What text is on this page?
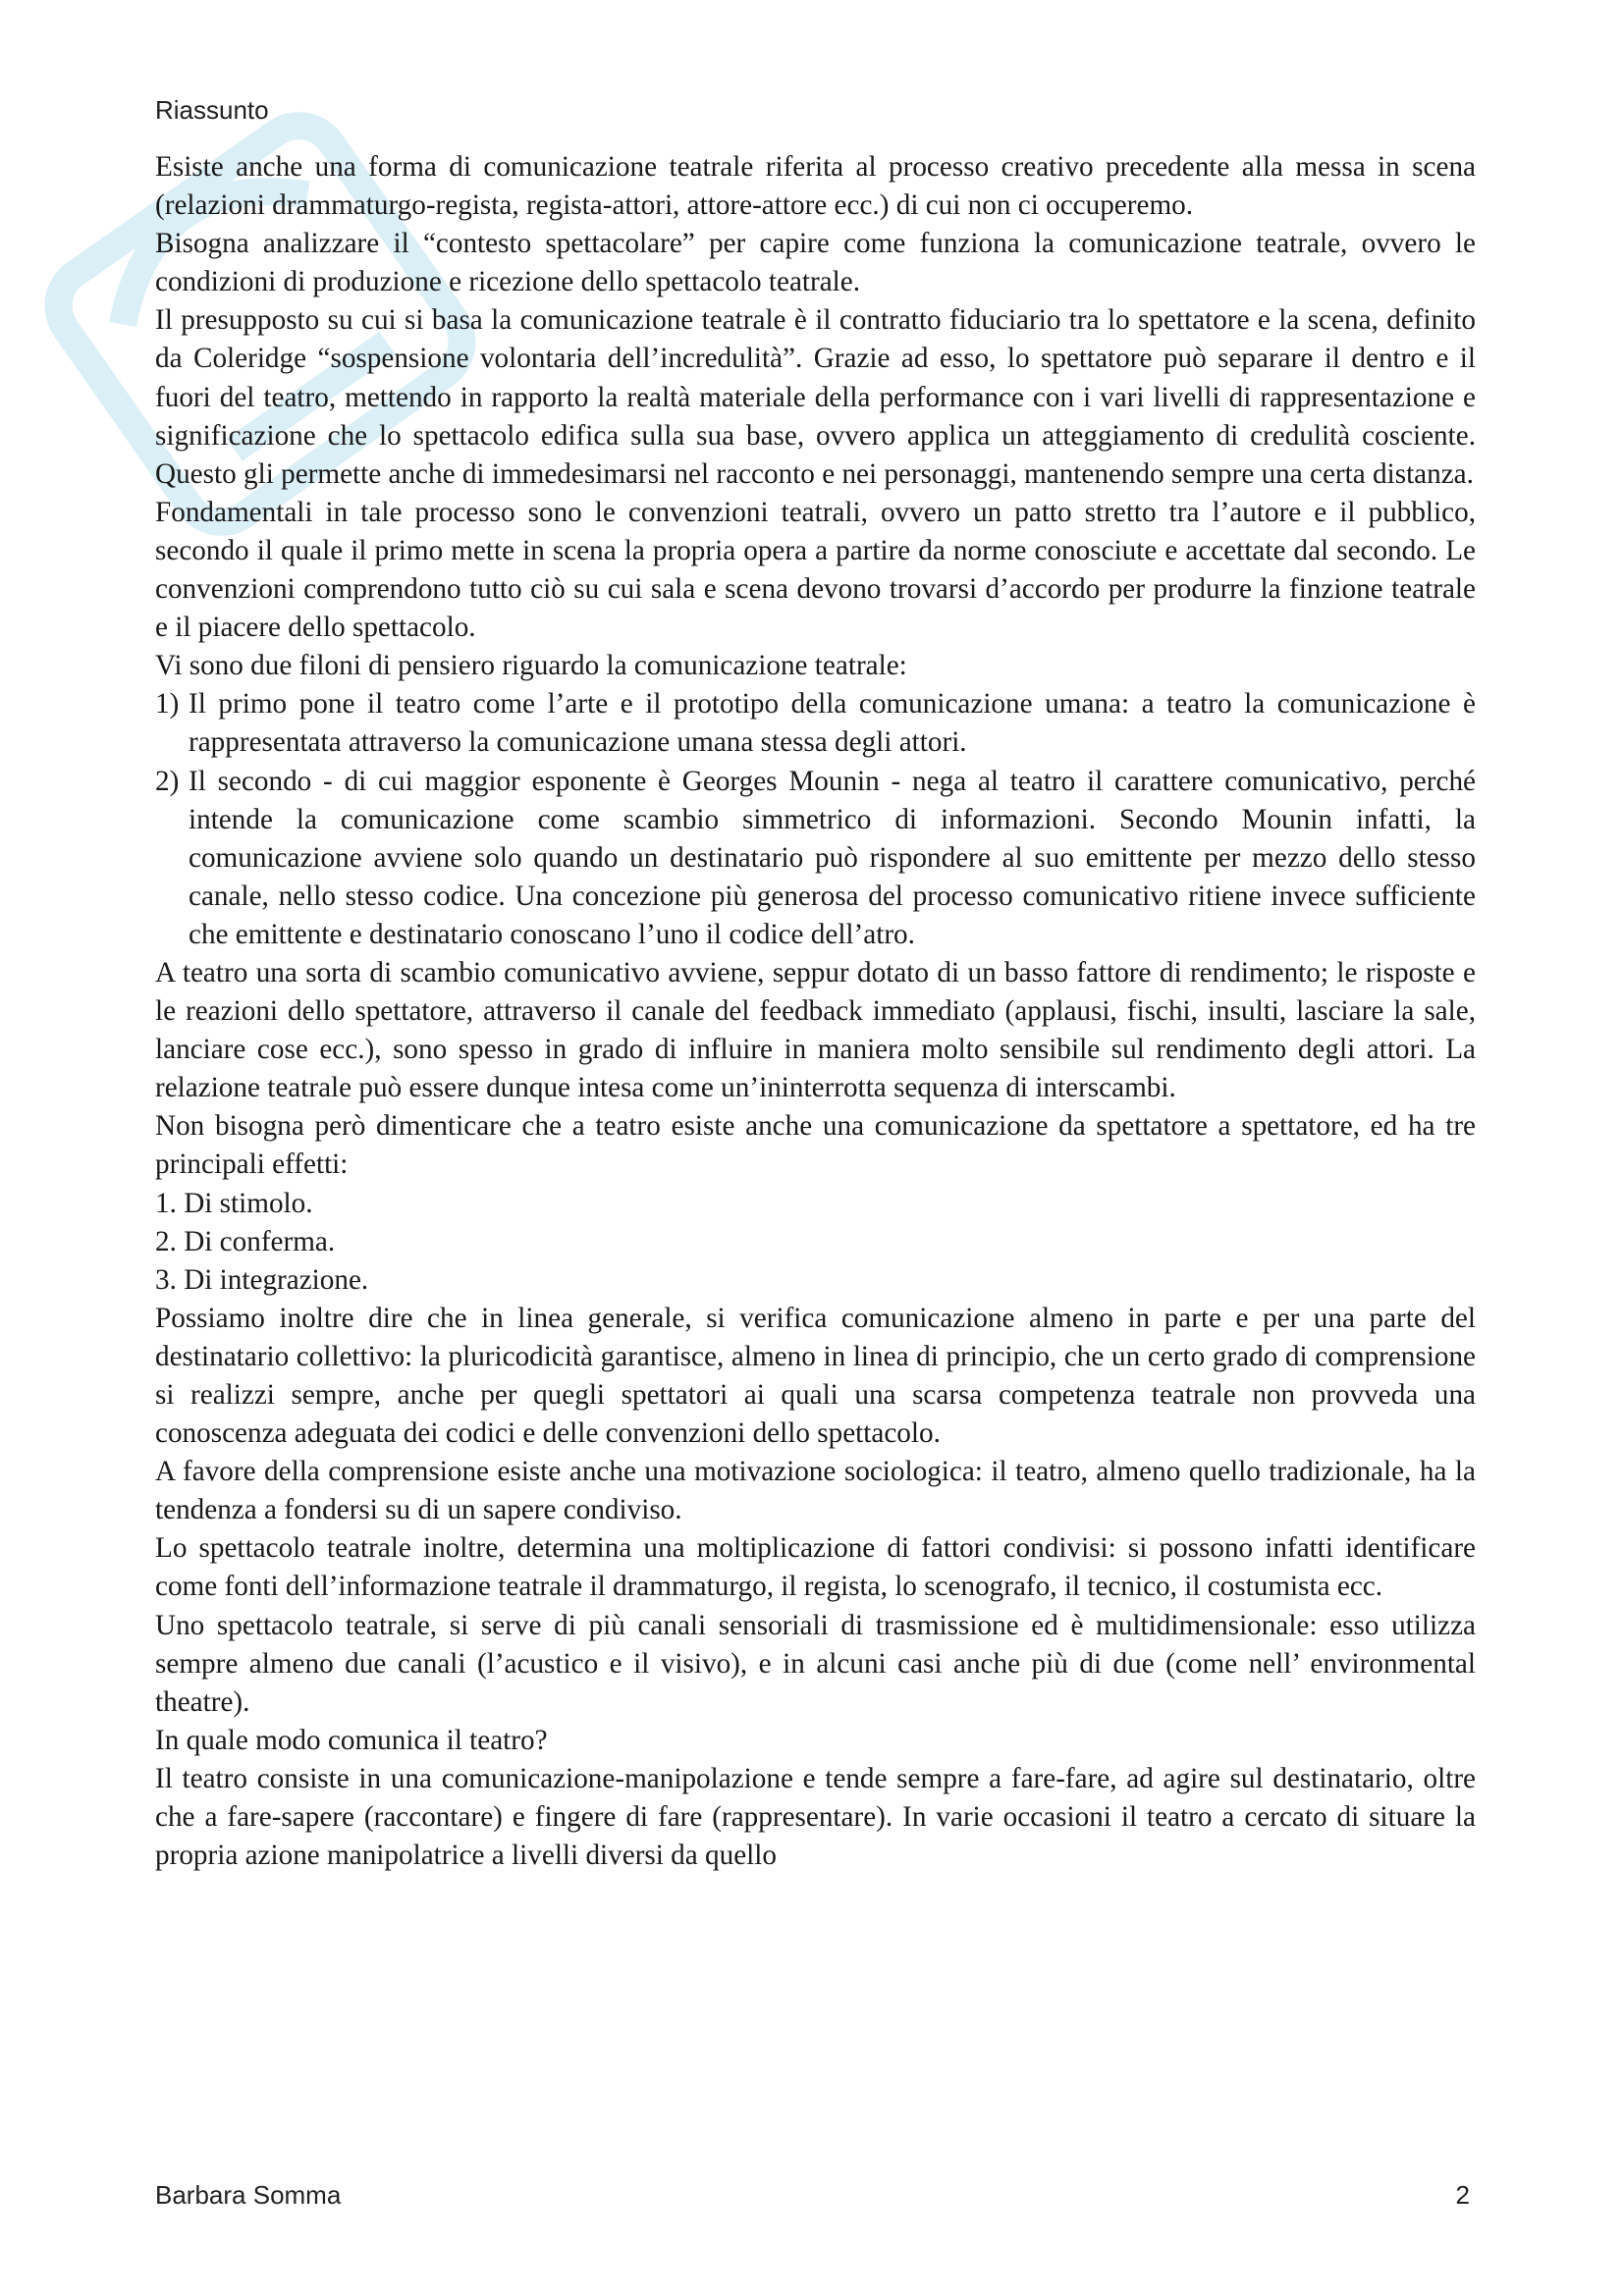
Riassunto

Esiste anche una forma di comunicazione teatrale riferita al processo creativo precedente alla messa in scena (relazioni drammaturgo-regista, regista-attori, attore-attore ecc.) di cui non ci occuperemo.

Bisogna analizzare il “contesto spettacolare” per capire come funziona la comunicazione teatrale, ovvero le condizioni di produzione e ricezione dello spettacolo teatrale.

Il presupposto su cui si basa la comunicazione teatrale è il contratto fiduciario tra lo spettatore e la scena, definito da Coleridge “sospensione volontaria dell’incredulità”. Grazie ad esso, lo spettatore può separare il dentro e il fuori del teatro, mettendo in rapporto la realtà materiale della performance con i vari livelli di rappresentazione e significazione che lo spettacolo edifica sulla sua base, ovvero applica un atteggiamento di credulità cosciente. Questo gli permette anche di immedesimarsi nel racconto e nei personaggi, mantenendo sempre una certa distanza.

Fondamentali in tale processo sono le convenzioni teatrali, ovvero un patto stretto tra l’autore e il pubblico, secondo il quale il primo mette in scena la propria opera a partire da norme conosciute e accettate dal secondo. Le convenzioni comprendono tutto ciò su cui sala e scena devono trovarsi d’accordo per produrre la finzione teatrale e il piacere dello spettacolo.

Vi sono due filoni di pensiero riguardo la comunicazione teatrale:

1) Il primo pone il teatro come l’arte e il prototipo della comunicazione umana: a teatro la comunicazione è rappresentata attraverso la comunicazione umana stessa degli attori.
2) Il secondo - di cui maggior esponente è Georges Mounin - nega al teatro il carattere comunicativo, perché intende la comunicazione come scambio simmetrico di informazioni. Secondo Mounin infatti, la comunicazione avviene solo quando un destinatario può rispondere al suo emittente per mezzo dello stesso canale, nello stesso codice. Una concezione più generosa del processo comunicativo ritiene invece sufficiente che emittente e destinatario conoscano l’uno il codice dell’atro.

A teatro una sorta di scambio comunicativo avviene, seppur dotato di un basso fattore di rendimento; le risposte e le reazioni dello spettatore, attraverso il canale del feedback immediato (applausi, fischi, insulti, lasciare la sale, lanciare cose ecc.), sono spesso in grado di influire in maniera molto sensibile sul rendimento degli attori. La relazione teatrale può essere dunque intesa come un’ininterrotta sequenza di interscambi.

Non bisogna però dimenticare che a teatro esiste anche una comunicazione da spettatore a spettatore, ed ha tre principali effetti:

1. Di stimolo.
2. Di conferma.
3. Di integrazione.

Possiamo inoltre dire che in linea generale, si verifica comunicazione almeno in parte e per una parte del destinatario collettivo: la pluricodicità garantisce, almeno in linea di principio, che un certo grado di comprensione si realizzi sempre, anche per quegli spettatori ai quali una scarsa competenza teatrale non provveda una conoscenza adeguata dei codici e delle convenzioni dello spettacolo.

A favore della comprensione esiste anche una motivazione sociologica: il teatro, almeno quello tradizionale, ha la tendenza a fondersi su di un sapere condiviso.

Lo spettacolo teatrale inoltre, determina una moltiplicazione di fattori condivisi: si possono infatti identificare come fonti dell’informazione teatrale il drammaturgo, il regista, lo scenografo, il tecnico, il costumista ecc.

Uno spettacolo teatrale, si serve di più canali sensoriali di trasmissione ed è multidimensionale: esso utilizza sempre almeno due canali (l’acustico e il visivo), e in alcuni casi anche più di due (come nell’ environmental theatre).

In quale modo comunica il teatro?

Il teatro consiste in una comunicazione-manipolazione e tende sempre a fare-fare, ad agire sul destinatario, oltre che a fare-sapere (raccontare) e fingere di fare (rappresentare). In varie occasioni il teatro a cercato di situare la propria azione manipolatrice a livelli diversi da quello

Barbara Somma	2
